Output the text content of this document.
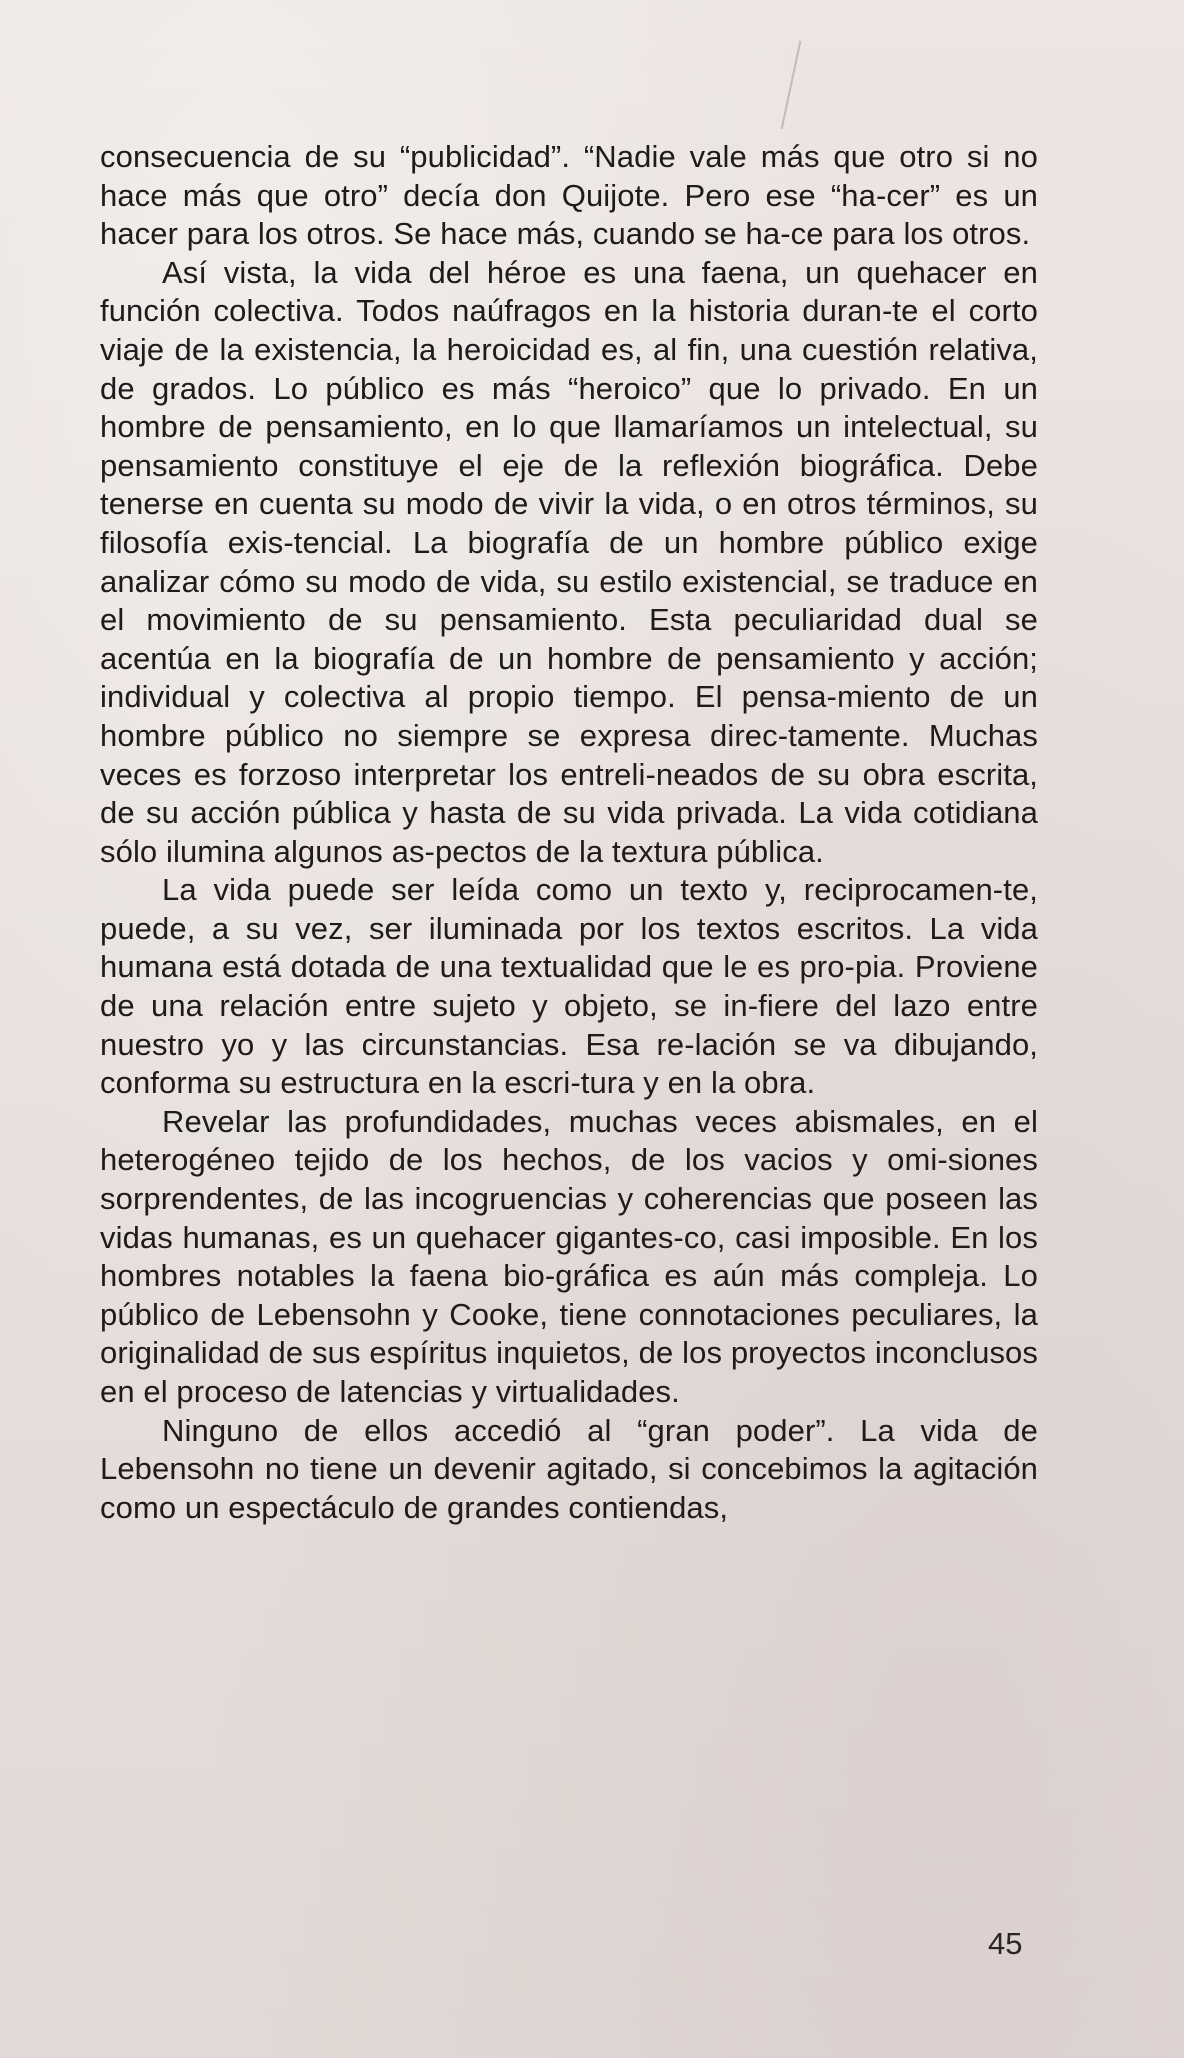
consecuencia de su “publicidad”. “Nadie vale más que otro si no hace más que otro” decía don Quijote. Pero ese “ha-cer” es un hacer para los otros. Se hace más, cuando se ha-ce para los otros.

Así vista, la vida del héroe es una faena, un quehacer en función colectiva. Todos naúfragos en la historia duran-te el corto viaje de la existencia, la heroicidad es, al fin, una cuestión relativa, de grados. Lo público es más “heroico” que lo privado. En un hombre de pensamiento, en lo que llamaríamos un intelectual, su pensamiento constituye el eje de la reflexión biográfica. Debe tenerse en cuenta su modo de vivir la vida, o en otros términos, su filosofía exis-tencial. La biografía de un hombre público exige analizar cómo su modo de vida, su estilo existencial, se traduce en el movimiento de su pensamiento. Esta peculiaridad dual se acentúa en la biografía de un hombre de pensamiento y acción; individual y colectiva al propio tiempo. El pensa-miento de un hombre público no siempre se expresa direc-tamente. Muchas veces es forzoso interpretar los entreli-neados de su obra escrita, de su acción pública y hasta de su vida privada. La vida cotidiana sólo ilumina algunos as-pectos de la textura pública.

La vida puede ser leída como un texto y, reciprocamen-te, puede, a su vez, ser iluminada por los textos escritos. La vida humana está dotada de una textualidad que le es pro-pia. Proviene de una relación entre sujeto y objeto, se in-fiere del lazo entre nuestro yo y las circunstancias. Esa re-lación se va dibujando, conforma su estructura en la escri-tura y en la obra.

Revelar las profundidades, muchas veces abismales, en el heterogéneo tejido de los hechos, de los vacios y omi-siones sorprendentes, de las incogruencias y coherencias que poseen las vidas humanas, es un quehacer gigantes-co, casi imposible. En los hombres notables la faena bio-gráfica es aún más compleja. Lo público de Lebensohn y Cooke, tiene connotaciones peculiares, la originalidad de sus espíritus inquietos, de los proyectos inconclusos en el proceso de latencias y virtualidades.

Ninguno de ellos accedió al “gran poder”. La vida de Lebensohn no tiene un devenir agitado, si concebimos la agitación como un espectáculo de grandes contiendas,

45
